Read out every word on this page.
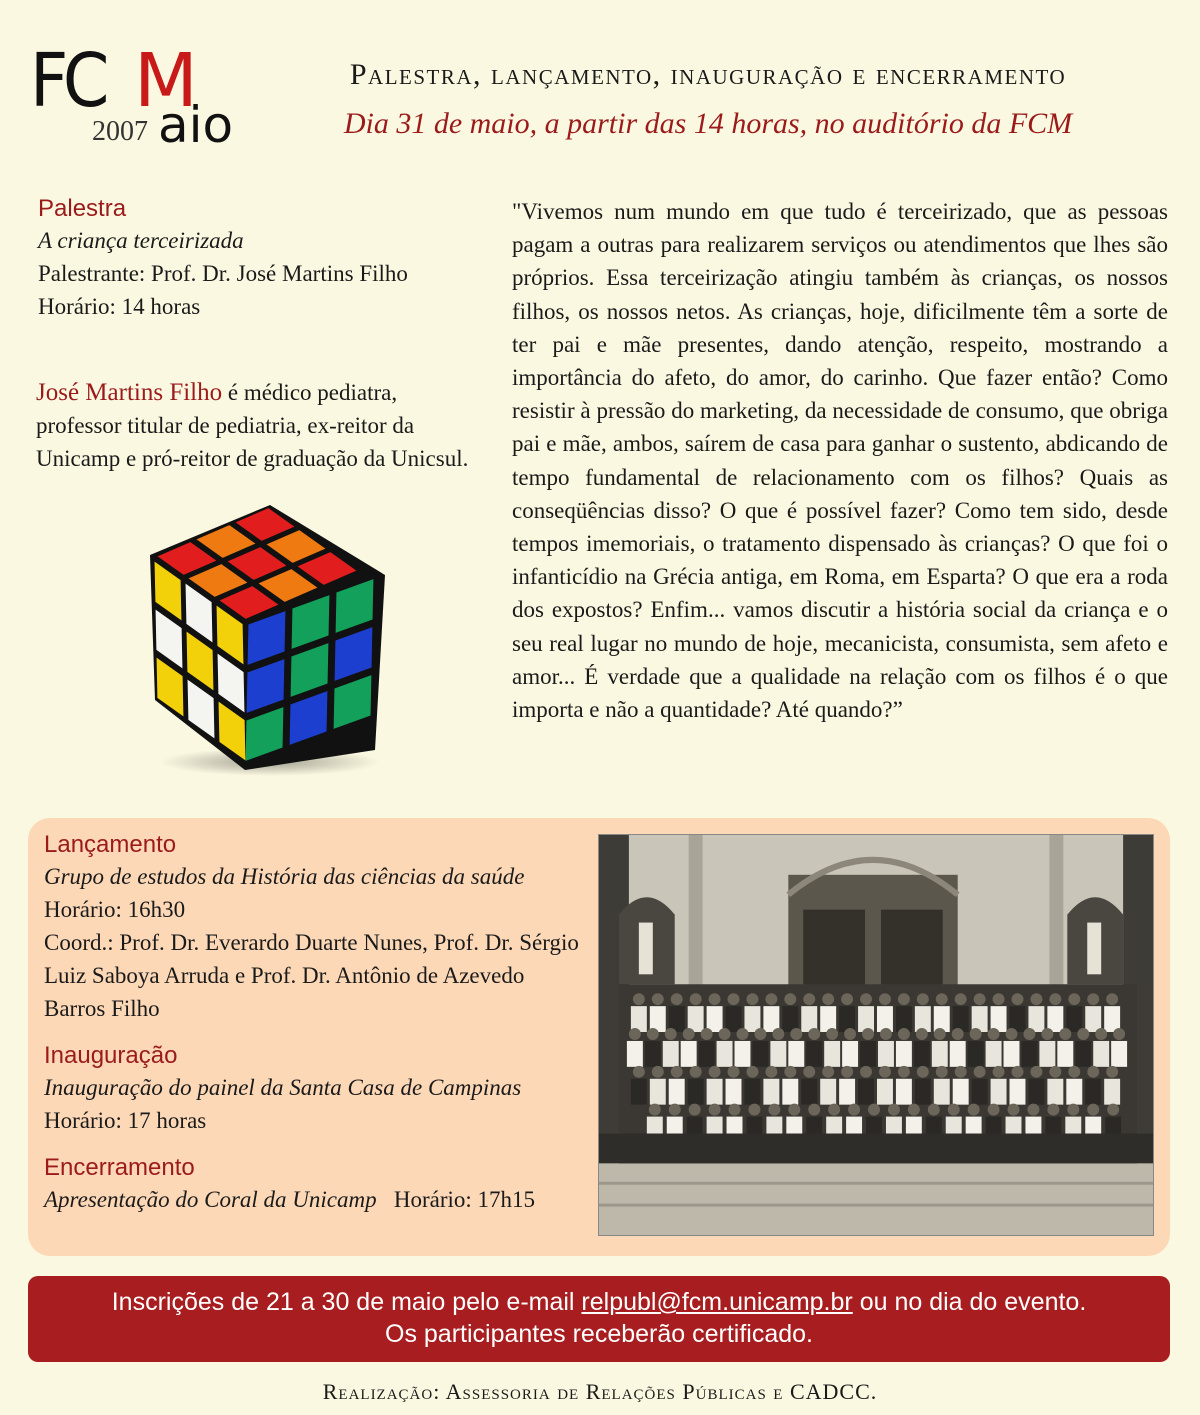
FC M
2007 aio
Palestra, lançamento, inauguração e encerramento
Dia 31 de maio, a partir das 14 horas, no auditório da FCM
Palestra
A criança terceirizada
Palestrante: Prof. Dr. José Martins Filho
Horário: 14 horas
José Martins Filho é médico pediatra, professor titular de pediatria, ex-reitor da Unicamp e pró-reitor de graduação da Unicsul.
"Vivemos num mundo em que tudo é terceirizado, que as pessoas pagam a outras para realizarem serviços ou atendimentos que lhes são próprios. Essa terceirização atingiu também às crianças, os nossos filhos, os nossos netos. As crianças, hoje, dificilmente têm a sorte de ter pai e mãe presentes, dando atenção, respeito, mostrando a importância do afeto, do amor, do carinho. Que fazer então? Como resistir à pressão do marketing, da necessidade de consumo, que obriga pai e mãe, ambos, saírem de casa para ganhar o sustento, abdicando de tempo fundamental de relacionamento com os filhos? Quais as conseqüências disso? O que é possível fazer? Como tem sido, desde tempos imemoriais, o tratamento dispensado às crianças? O que foi o infanticídio na Grécia antiga, em Roma, em Esparta? O que era a roda dos expostos? Enfim... vamos discutir a história social da criança e o seu real lugar no mundo de hoje, mecanicista, consumista, sem afeto e amor... É verdade que a qualidade na relação com os filhos é o que importa e não a quantidade? Até quando?”
Lançamento
Grupo de estudos da História das ciências da saúde
Horário: 16h30
Coord.: Prof. Dr. Everardo Duarte Nunes, Prof. Dr. Sérgio Luiz Saboya Arruda e Prof. Dr. Antônio de Azevedo Barros Filho
Inauguração
Inauguração do painel da Santa Casa de Campinas
Horário: 17 horas
Encerramento
Apresentação do Coral da Unicamp Horário: 17h15
Inscrições de 21 a 30 de maio pelo e-mail relpubl@fcm.unicamp.br ou no dia do evento.
Os participantes receberão certificado.
Realização: Assessoria de Relações Públicas e CADCC.
